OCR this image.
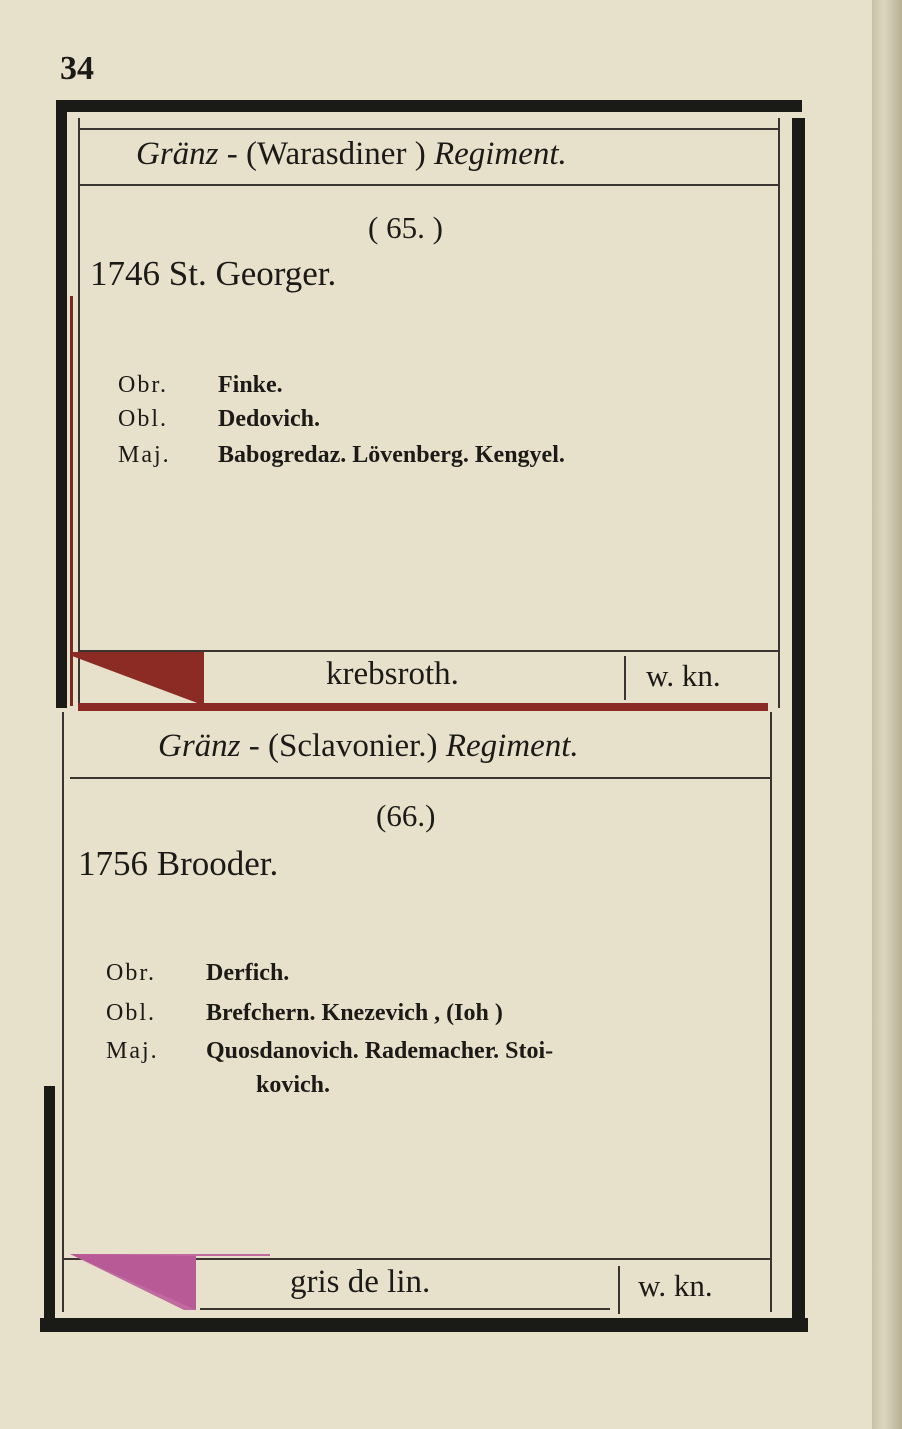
34
Gränz - (Warasdiner ) Regiment.
( 65. )
1746 St. Georger.
Obr. Finke.
Obl. Dedovich.
Maj. Babogredaz. Lövenberg. Kengyel.
krebsroth.	w. kn.
Gränz - (Sclavonier.) Regiment.
(66.)
1756 Brooder.
Obr. Derfich.
Obl. Brefchern. Knezevich , (Ioh )
Maj. Quosdanovich. Rademacher. Stoi-
kovich.
gris de lin.	w. kn.
